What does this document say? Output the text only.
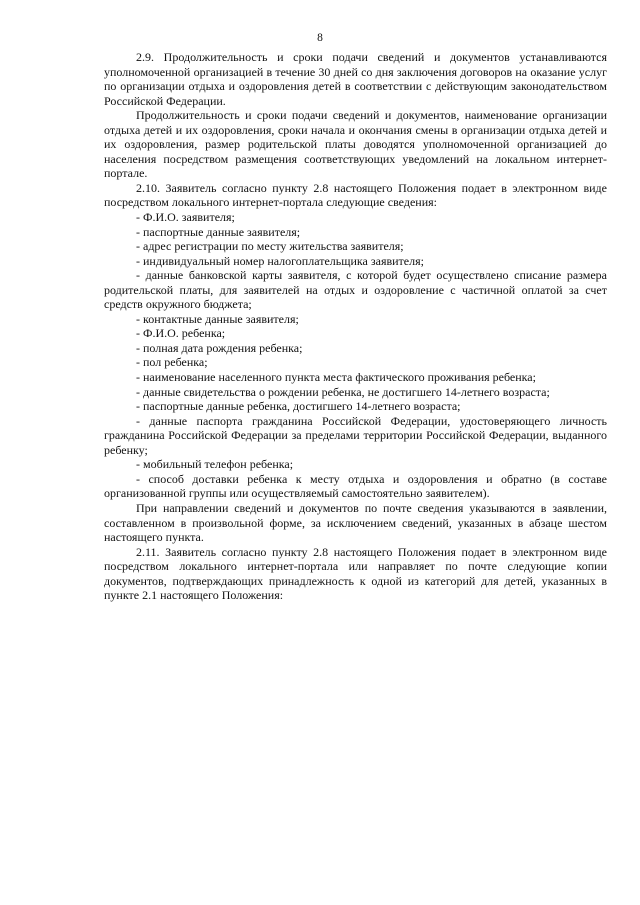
8

2.9. Продолжительность и сроки подачи сведений и документов устанавливаются уполномоченной организацией в течение 30 дней со дня заключения договоров на оказание услуг по организации отдыха и оздоровления детей в соответствии с действующим законодательством Российской Федерации.

Продолжительность и сроки подачи сведений и документов, наименование организации отдыха детей и их оздоровления, сроки начала и окончания смены в организации отдыха детей и их оздоровления, размер родительской платы доводятся уполномоченной организацией до населения посредством размещения соответствующих уведомлений на локальном интернет-портале.

2.10. Заявитель согласно пункту 2.8 настоящего Положения подает в электронном виде посредством локального интернет-портала следующие сведения:

- Ф.И.О. заявителя;

- паспортные данные заявителя;

- адрес регистрации по месту жительства заявителя;

- индивидуальный номер налогоплательщика заявителя;

- данные банковской карты заявителя, с которой будет осуществлено списание размера родительской платы, для заявителей на отдых и оздоровление с частичной оплатой за счет средств окружного бюджета;

- контактные данные заявителя;

- Ф.И.О. ребенка;

- полная дата рождения ребенка;

- пол ребенка;

- наименование населенного пункта места фактического проживания ребенка;

- данные свидетельства о рождении ребенка, не достигшего 14-летнего возраста;

- паспортные данные ребенка, достигшего 14-летнего возраста;

- данные паспорта гражданина Российской Федерации, удостоверяющего личность гражданина Российской Федерации за пределами территории Российской Федерации, выданного ребенку;

- мобильный телефон ребенка;

- способ доставки ребенка к месту отдыха и оздоровления и обратно (в составе организованной группы или осуществляемый самостоятельно заявителем).

При направлении сведений и документов по почте сведения указываются в заявлении, составленном в произвольной форме, за исключением сведений, указанных в абзаце шестом настоящего пункта.

2.11. Заявитель согласно пункту 2.8 настоящего Положения подает в электронном виде посредством локального интернет-портала или направляет по почте следующие копии документов, подтверждающих принадлежность к одной из категорий для детей, указанных в пункте 2.1 настоящего Положения:
